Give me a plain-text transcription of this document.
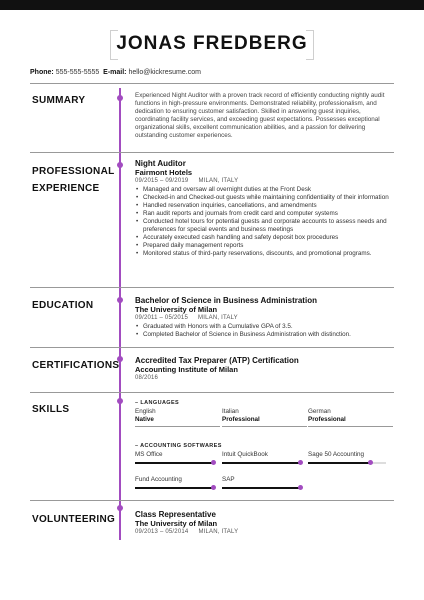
JONAS FREDBERG
Phone: 555-555-5555 E-mail: hello@kickresume.com
SUMMARY	Experienced Night Auditor with a proven track record of efficiently conducting nightly audit functions in high-pressure environments. Demonstrated reliability, professionalism, and dedication to ensuring customer satisfaction. Skilled in answering guest inquiries, coordinating facility services, and exceeding guest expectations. Possesses exceptional organizational skills, excellent communication abilities, and a passion for delivering outstanding customer experiences.

PROFESSIONAL
EXPERIENCE
Night Auditor
Fairmont Hotels
09/2015 – 09/2019 MILAN, ITALY
• Managed and oversaw all overnight duties at the Front Desk
• Checked-in and Checked-out guests while maintaining confidentiality of their information
• Handled reservation inquiries, cancellations, and amendments
• Ran audit reports and journals from credit card and computer systems
• Conducted hotel tours for potential guests and corporate accounts to assess needs and preferences for special events and business meetings
• Accurately executed cash handling and safety deposit box procedures
• Prepared daily management reports
• Monitored status of third-party reservations, discounts, and promotional programs.
EDUCATION	Bachelor of Science in Business Administration
The University of Milan
09/2011 – 05/2015 MILAN, ITALY
• Graduated with Honors with a Cumulative GPA of 3.5.
• Completed Bachelor of Science in Business Administration with distinction.
CERTIFICATIONS Accredited Tax Preparer (ATP) Certification
Accounting Institute of Milan
08/2016
SKILLS
– LANGUAGES
English
Native
Italian
Professional
German
Professional
– ACCOUNTING SOFTWARES
MS Office	Intuit QuickBook	Sage 50 Accounting
Fund Accounting	SAP
VOLUNTEERING Class Representative
The University of Milan
09/2013 – 05/2014 MILAN, ITALY
